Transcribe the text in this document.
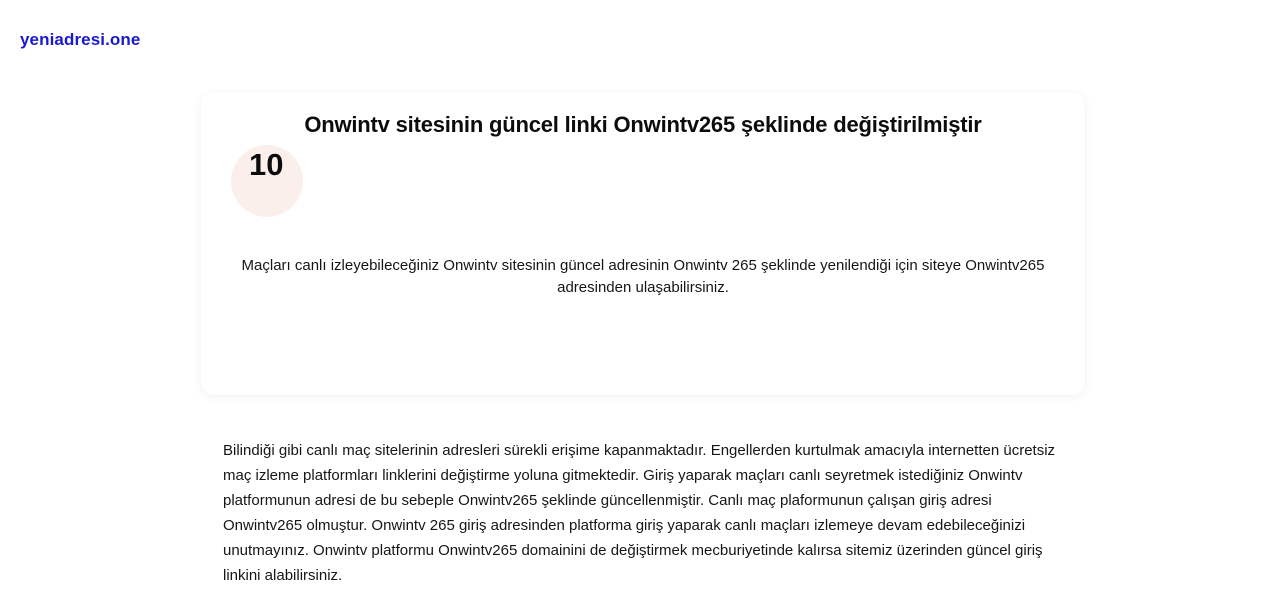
yeniadresi.one
Onwintv sitesinin güncel linki Onwintv265 şeklinde değiştirilmiştir
10

Maçları canlı izleyebileceğiniz Onwintv sitesinin güncel adresinin Onwintv 265 şeklinde yenilendiği için siteye Onwintv265 adresinden ulaşabilirsiniz.

Bilindiği gibi canlı maç sitelerinin adresleri sürekli erişime kapanmaktadır. Engellerden kurtulmak amacıyla internetten ücretsiz maç izleme platformları linklerini değiştirme yoluna gitmektedir. Giriş yaparak maçları canlı seyretmek istediğiniz Onwintv platformunun adresi de bu sebeple Onwintv265 şeklinde güncellenmiştir. Canlı maç plaformunun çalışan giriş adresi Onwintv265 olmuştur. Onwintv 265 giriş adresinden platforma giriş yaparak canlı maçları izlemeye devam edebileceğinizi unutmayınız. Onwintv platformu Onwintv265 domainini de değiştirmek mecburiyetinde kalırsa sitemiz üzerinden güncel giriş linkini alabilirsiniz.
